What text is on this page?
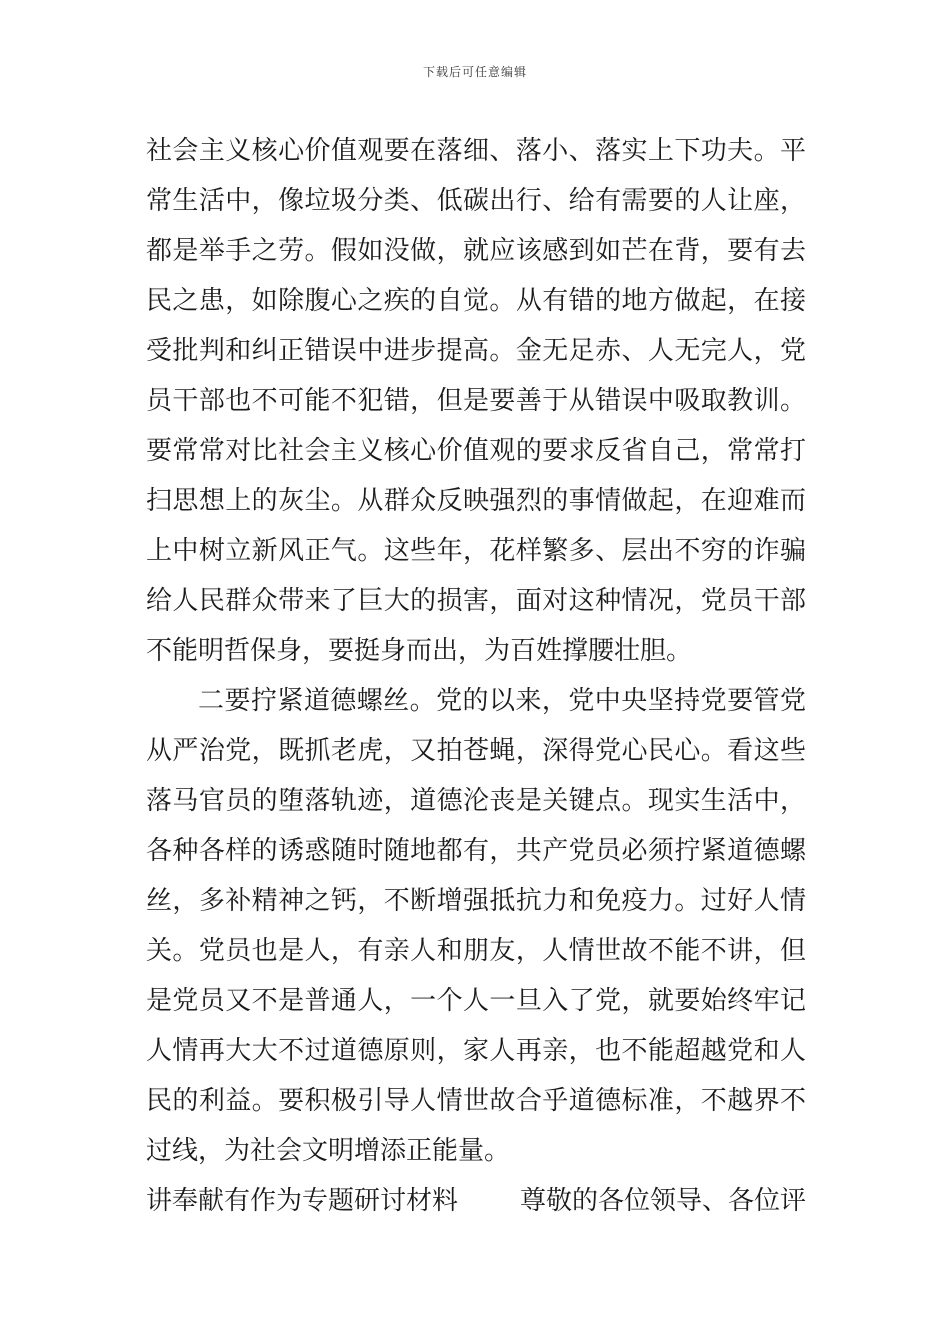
下载后可任意编辑

社会主义核心价值观要在落细、落小、落实上下功夫。平常生活中，像垃圾分类、低碳出行、给有需要的人让座，都是举手之劳。假如没做，就应该感到如芒在背，要有去民之患，如除腹心之疾的自觉。从有错的地方做起，在接受批判和纠正错误中进步提高。金无足赤、人无完人，党员干部也不可能不犯错，但是要善于从错误中吸取教训。要常常对比社会主义核心价值观的要求反省自己，常常打扫思想上的灰尘。从群众反映强烈的事情做起，在迎难而上中树立新风正气。这些年，花样繁多、层出不穷的诈骗给人民群众带来了巨大的损害，面对这种情况，党员干部不能明哲保身，要挺身而出，为百姓撑腰壮胆。

二要拧紧道德螺丝。党的以来，党中央坚持党要管党从严治党，既抓老虎，又拍苍蝇，深得党心民心。看这些落马官员的堕落轨迹，道德沦丧是关键点。现实生活中，各种各样的诱惑随时随地都有，共产党员必须拧紧道德螺丝，多补精神之钙，不断增强抵抗力和免疫力。过好人情关。党员也是人，有亲人和朋友，人情世故不能不讲，但是党员又不是普通人，一个人一旦入了党，就要始终牢记人情再大大不过道德原则，家人再亲，也不能超越党和人民的利益。要积极引导人情世故合乎道德标准，不越界不过线，为社会文明增添正能量。

讲奉献有作为专题研讨材料 尊敬的各位领导、各位评
